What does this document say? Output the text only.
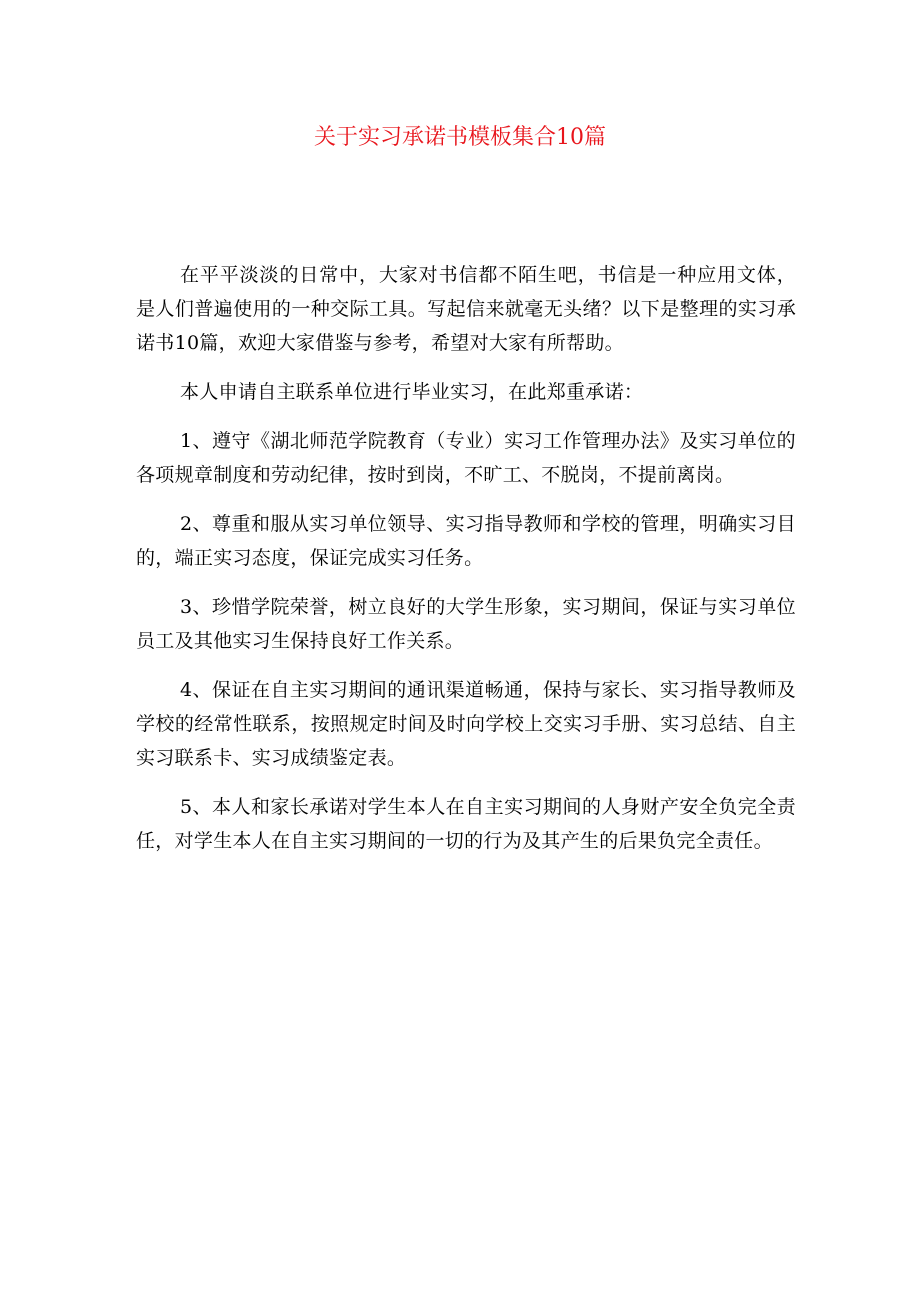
关于实习承诺书模板集合10篇

在平平淡淡的日常中，大家对书信都不陌生吧，书信是一种应用文体，是人们普遍使用的一种交际工具。写起信来就毫无头绪？以下是整理的实习承诺书10篇，欢迎大家借鉴与参考，希望对大家有所帮助。

本人申请自主联系单位进行毕业实习，在此郑重承诺：

1、遵守《湖北师范学院教育（专业）实习工作管理办法》及实习单位的各项规章制度和劳动纪律，按时到岗，不旷工、不脱岗，不提前离岗。

2、尊重和服从实习单位领导、实习指导教师和学校的管理，明确实习目的，端正实习态度，保证完成实习任务。

3、珍惜学院荣誉，树立良好的大学生形象，实习期间，保证与实习单位员工及其他实习生保持良好工作关系。

4、保证在自主实习期间的通讯渠道畅通，保持与家长、实习指导教师及学校的经常性联系，按照规定时间及时向学校上交实习手册、实习总结、自主实习联系卡、实习成绩鉴定表。

5、本人和家长承诺对学生本人在自主实习期间的人身财产安全负完全责任，对学生本人在自主实习期间的一切的行为及其产生的后果负完全责任。
